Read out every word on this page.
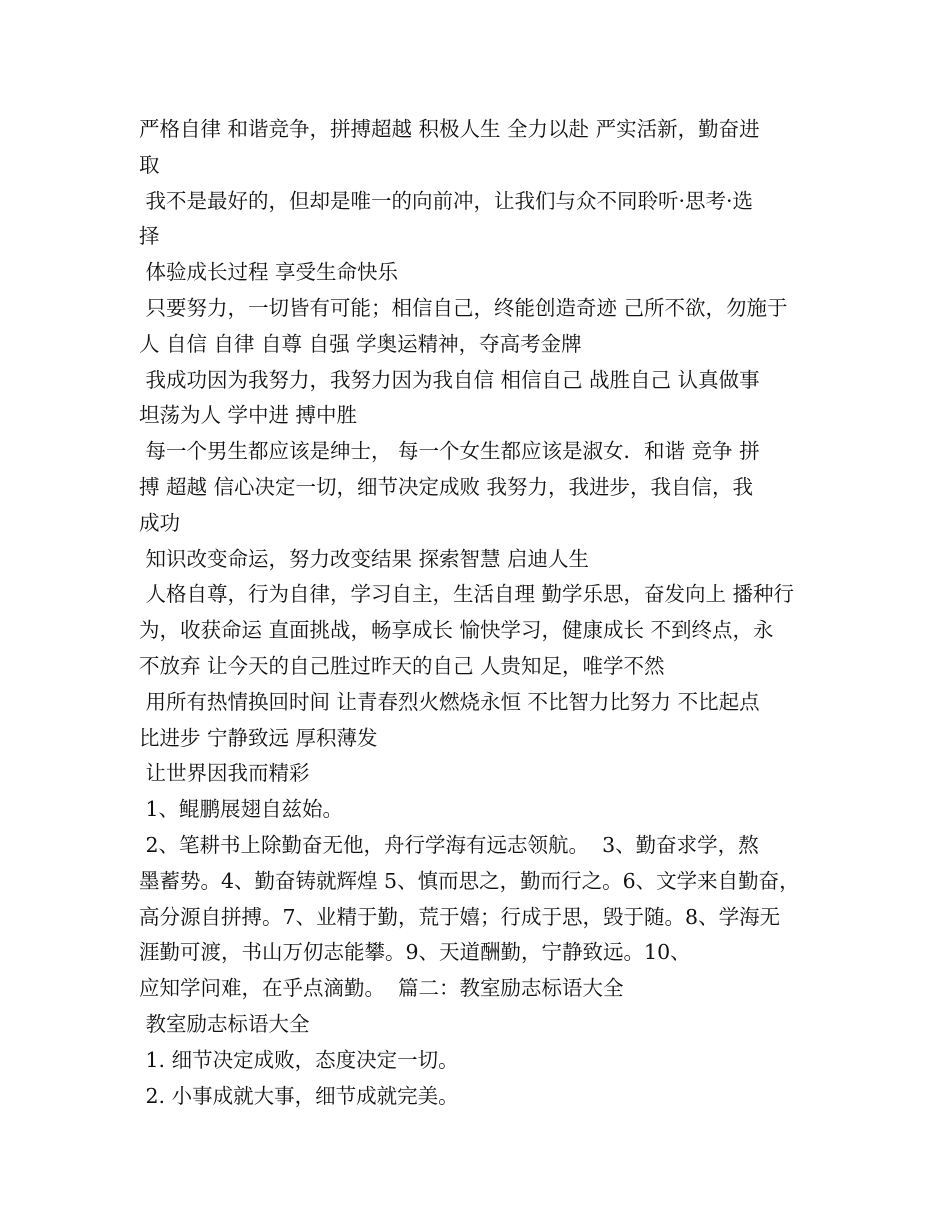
严格自律 和谐竞争，拼搏超越 积极人生 全力以赴 严实活新，勤奋进
取
我不是最好的，但却是唯一的向前冲，让我们与众不同聆听·思考·选
择
体验成长过程 享受生命快乐
只要努力，一切皆有可能；相信自己，终能创造奇迹 己所不欲，勿施于
人 自信 自律 自尊 自强 学奥运精神，夺高考金牌
我成功因为我努力，我努力因为我自信 相信自己 战胜自己 认真做事
坦荡为人 学中进 搏中胜
每一个男生都应该是绅士， 每一个女生都应该是淑女．和谐 竞争 拼
搏 超越 信心决定一切，细节决定成败 我努力，我进步，我自信，我
成功
知识改变命运，努力改变结果 探索智慧 启迪人生
人格自尊，行为自律，学习自主，生活自理 勤学乐思，奋发向上 播种行
为，收获命运 直面挑战，畅享成长 愉快学习，健康成长 不到终点，永
不放弃 让今天的自己胜过昨天的自己 人贵知足，唯学不然
用所有热情换回时间 让青春烈火燃烧永恒 不比智力比努力 不比起点
比进步 宁静致远 厚积薄发
让世界因我而精彩
1、鲲鹏展翅自兹始。
2、笔耕书上除勤奋无他，舟行学海有远志领航。  3、勤奋求学，熬
墨蓄势。4、勤奋铸就辉煌 5、慎而思之，勤而行之。6、文学来自勤奋，
高分源自拼搏。7、业精于勤，荒于嬉；行成于思，毁于随。8、学海无
涯勤可渡，书山万仞志能攀。9、天道酬勤，宁静致远。10、
应知学问难，在乎点滴勤。  篇二：教室励志标语大全
教室励志标语大全
1. 细节决定成败，态度决定一切。
2. 小事成就大事，细节成就完美。
